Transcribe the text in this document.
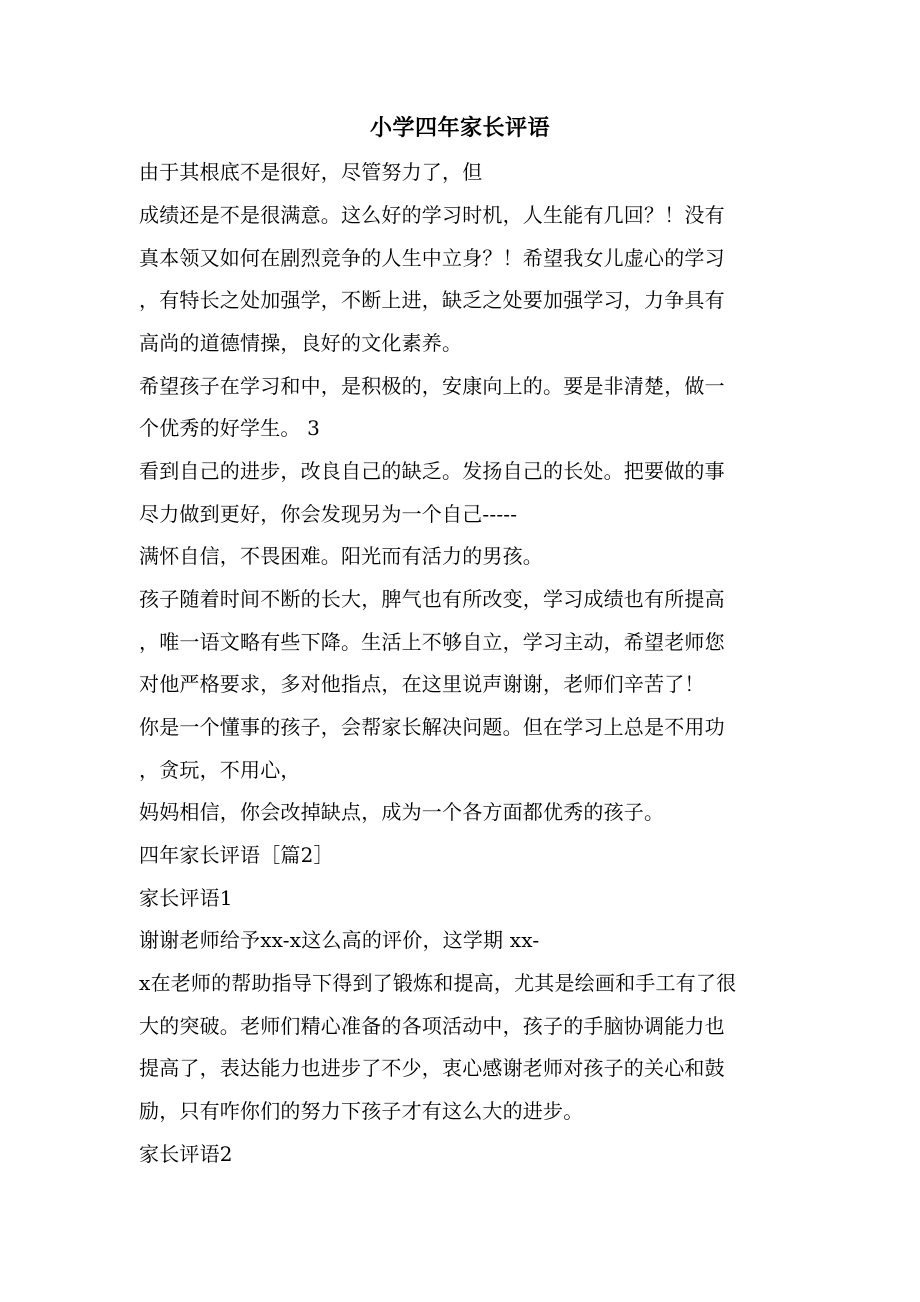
小学四年家长评语
由于其根底不是很好，尽管努力了，但
成绩还是不是很满意。这么好的学习时机，人生能有几回？！没有
真本领又如何在剧烈竞争的人生中立身？！希望我女儿虚心的学习
，有特长之处加强学，不断上进，缺乏之处要加强学习，力争具有
高尚的道德情操，良好的文化素养。
希望孩子在学习和中，是积极的，安康向上的。要是非清楚，做一
个优秀的好学生。 3
看到自己的进步，改良自己的缺乏。发扬自己的长处。把要做的事
尽力做到更好，你会发现另为一个自己-----
满怀自信，不畏困难。阳光而有活力的男孩。
孩子随着时间不断的长大，脾气也有所改变，学习成绩也有所提高
，唯一语文略有些下降。生活上不够自立，学习主动，希望老师您
对他严格要求，多对他指点，在这里说声谢谢，老师们辛苦了！
你是一个懂事的孩子，会帮家长解决问题。但在学习上总是不用功
，贪玩，不用心，
妈妈相信，你会改掉缺点，成为一个各方面都优秀的孩子。
四年家长评语［篇2］
家长评语1
谢谢老师给予xx-x这么高的评价，这学期 xx-
x在老师的帮助指导下得到了锻炼和提高，尤其是绘画和手工有了很
大的突破。老师们精心准备的各项活动中，孩子的手脑协调能力也
提高了，表达能力也进步了不少，衷心感谢老师对孩子的关心和鼓
励，只有咋你们的努力下孩子才有这么大的进步。
家长评语2
